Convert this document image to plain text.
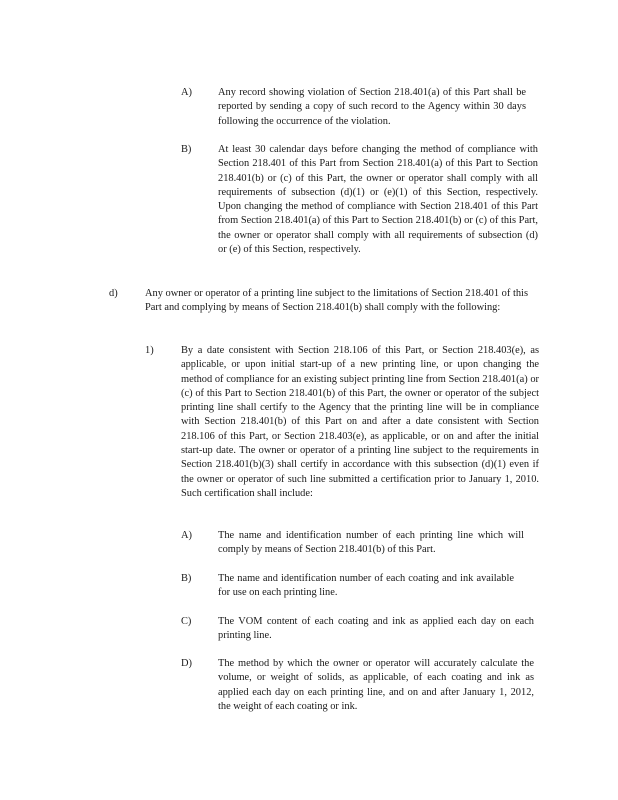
A)	Any record showing violation of Section 218.401(a) of this Part shall be reported by sending a copy of such record to the Agency within 30 days following the occurrence of the violation.
B)	At least 30 calendar days before changing the method of compliance with Section 218.401 of this Part from Section 218.401(a) of this Part to Section 218.401(b) or (c) of this Part, the owner or operator shall comply with all requirements of subsection (d)(1) or (e)(1) of this Section, respectively. Upon changing the method of compliance with Section 218.401 of this Part from Section 218.401(a) of this Part to Section 218.401(b) or (c) of this Part, the owner or operator shall comply with all requirements of subsection (d) or (e) of this Section, respectively.
d)	Any owner or operator of a printing line subject to the limitations of Section 218.401 of this Part and complying by means of Section 218.401(b) shall comply with the following:
1)	By a date consistent with Section 218.106 of this Part, or Section 218.403(e), as applicable, or upon initial start-up of a new printing line, or upon changing the method of compliance for an existing subject printing line from Section 218.401(a) or (c) of this Part to Section 218.401(b) of this Part, the owner or operator of the subject printing line shall certify to the Agency that the printing line will be in compliance with Section 218.401(b) of this Part on and after a date consistent with Section 218.106 of this Part, or Section 218.403(e), as applicable, or on and after the initial start-up date. The owner or operator of a printing line subject to the requirements in Section 218.401(b)(3) shall certify in accordance with this subsection (d)(1) even if the owner or operator of such line submitted a certification prior to January 1, 2010. Such certification shall include:
A)	The name and identification number of each printing line which will comply by means of Section 218.401(b) of this Part.
B)	The name and identification number of each coating and ink available for use on each printing line.
C)	The VOM content of each coating and ink as applied each day on each printing line.
D)	The method by which the owner or operator will accurately calculate the volume, or weight of solids, as applicable, of each coating and ink as applied each day on each printing line, and on and after January 1, 2012, the weight of each coating or ink.
